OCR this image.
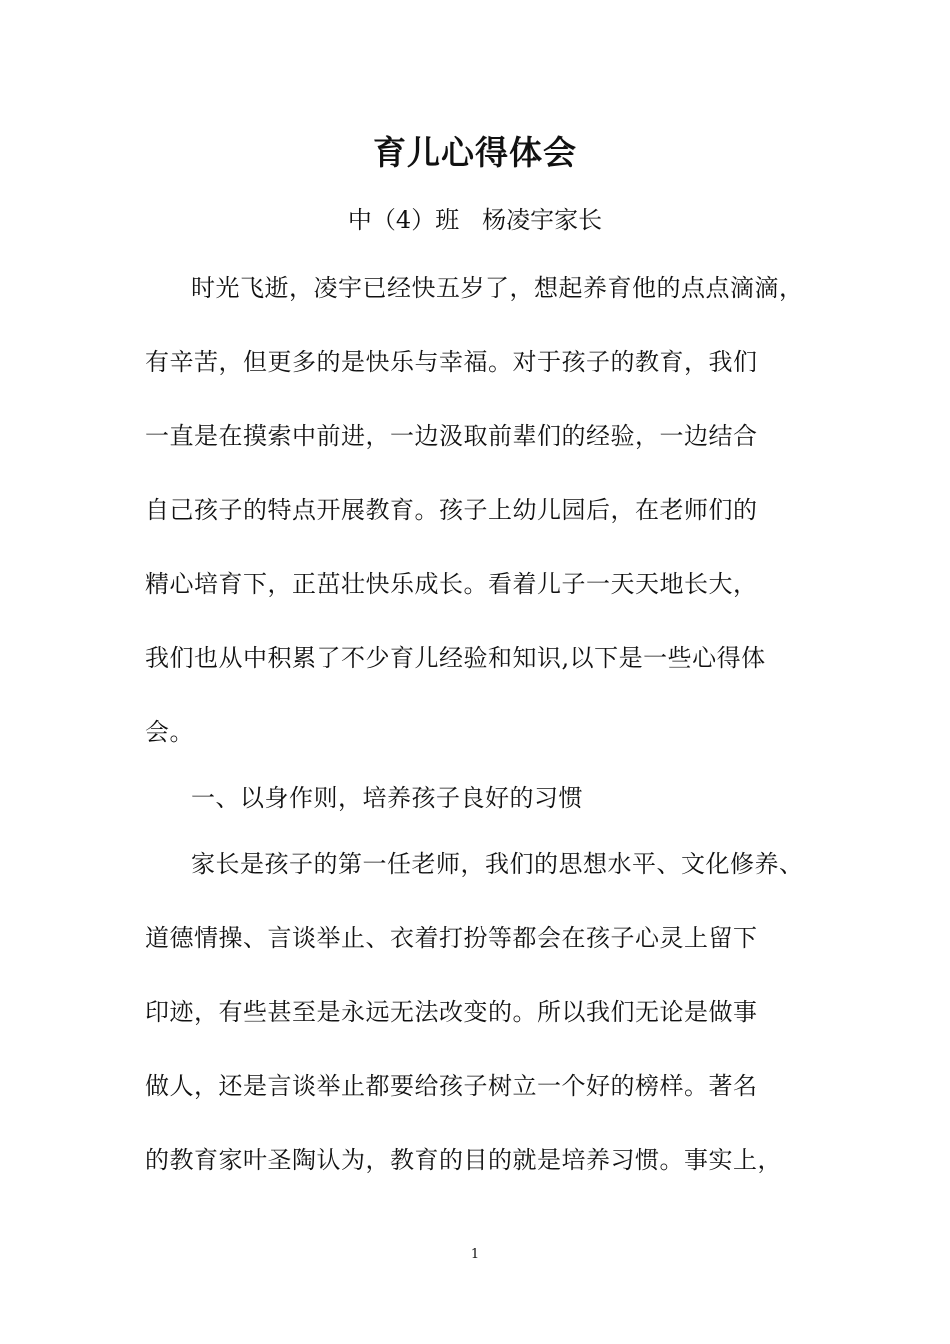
育儿心得体会
中（4）班   杨凌宇家长
时光飞逝，凌宇已经快五岁了，想起养育他的点点滴滴，
有辛苦，但更多的是快乐与幸福。对于孩子的教育，我们
一直是在摸索中前进，一边汲取前辈们的经验，一边结合
自己孩子的特点开展教育。孩子上幼儿园后，在老师们的
精心培育下，正茁壮快乐成长。看着儿子一天天地长大，
我们也从中积累了不少育儿经验和知识,以下是一些心得体
会。
一、以身作则，培养孩子良好的习惯
家长是孩子的第一任老师，我们的思想水平、文化修养、
道德情操、言谈举止、衣着打扮等都会在孩子心灵上留下
印迹，有些甚至是永远无法改变的。所以我们无论是做事
做人，还是言谈举止都要给孩子树立一个好的榜样。著名
的教育家叶圣陶认为，教育的目的就是培养习惯。事实上，
1
